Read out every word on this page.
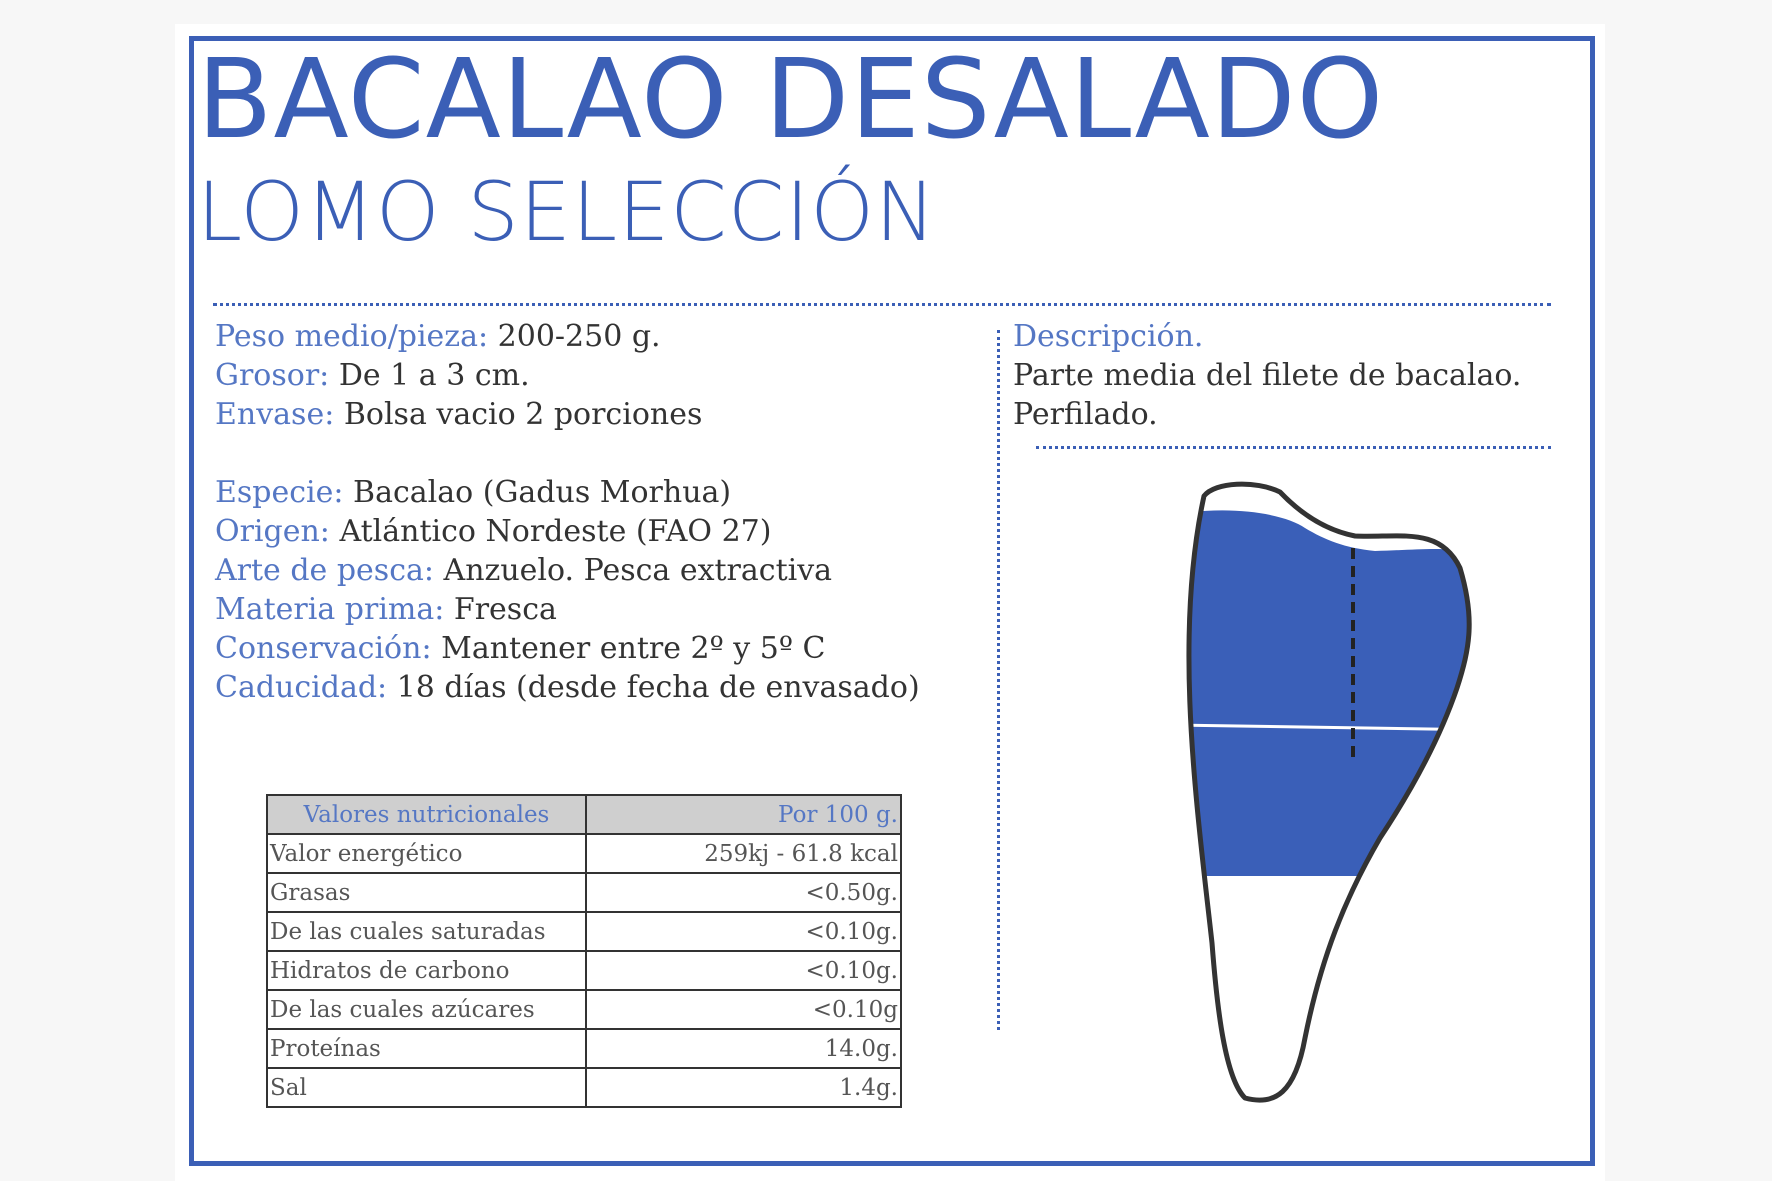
BACALAO DESALADO
LOMO SELECCIÓN
Peso medio/pieza: 200-250 g.
Grosor: De 1 a 3 cm.
Envase: Bolsa vacio 2 porciones
Especie: Bacalao (Gadus Morhua)
Origen: Atlántico Nordeste (FAO 27)
Arte de pesca: Anzuelo. Pesca extractiva
Materia prima: Fresca
Conservación: Mantener entre 2º y 5º C
Caducidad: 18 días (desde fecha de envasado)
Descripción.
Parte media del filete de bacalao.
Perfilado.
Valores nutricionales	Por 100 g.
Valor energético	259kj - 61.8 kcal
Grasas	<0.50g.
De las cuales saturadas	<0.10g.
Hidratos de carbono	<0.10g.
De las cuales azúcares	<0.10g
Proteínas	14.0g.
Sal	1.4g.
